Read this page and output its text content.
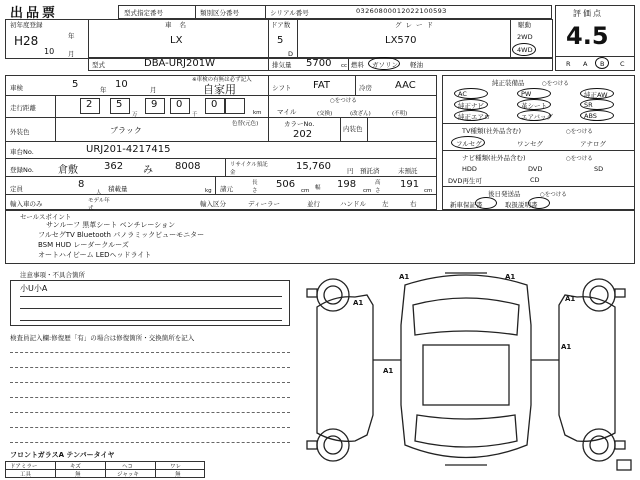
出品票	型式指定番号	類別区分番号	シリアル番号	0326080001202210059З	評価点
4.5
R A B C
初年度登録
H28	年
10 月
車名
LX
ドア数
5
D
グレード
LX570
駆動
2WD
4WD
型式	DBA-URJ201W	排気量 5700 cc 燃料 ガソリン 軽油
車検	5	年 10	月
※車検の有無は必ず記入
自家用	シフト FAT	冷房 AAC
走行距離	2 5
万
9 0
千
0
km
○をつける
マイル	(交換)	(改ざん)	(不明)
外装色
色替(元色)
ブラック
カラーNo.
202	内装色
車台No.	URJ201-4217415
登録No. 倉敷	362 み 8008	リサイクル預託金
15,760 円 預託済	未預託
定員	8
人 積載量	kg 諸元
長さ
506
cm 幅 198
cm
高さ
191
cm
輸入車のみ	モデル年式
輸入区分	ディーラー	並行	ハンドル 左	右
純正装備品	○をつける
AC	PW	純正AW
純正ナビ	革シート	SR
純正エアロ	エアバッグ	ABS
TV種類(社外品含む)	○をつける
フルセグ	ワンセグ	アナログ
ナビ種類(社外品含む)	○をつける
HDD	DVD	SD
DVD再生可	CD
後日発送品	○をつける
新車保証書	取扱説明書
セールスポイント
サンルーフ 黒革シート ベンチレーション
フルセグTV Bluetooth パノラミックビューモニター
BSM HUD レーダークルーズ
オートハイビーム LEDヘッドライト
注意事項・不具合箇所
小U小A
検査員記入欄:修復歴「有」の場合は修復箇所・交換箇所を記入
フロントガラスA テンパータイヤ
ドアミラー	キズ	ヘコ	ワレ
工具	無	ジャッキ	無
A1	A1
A1	A1
A1
A1
